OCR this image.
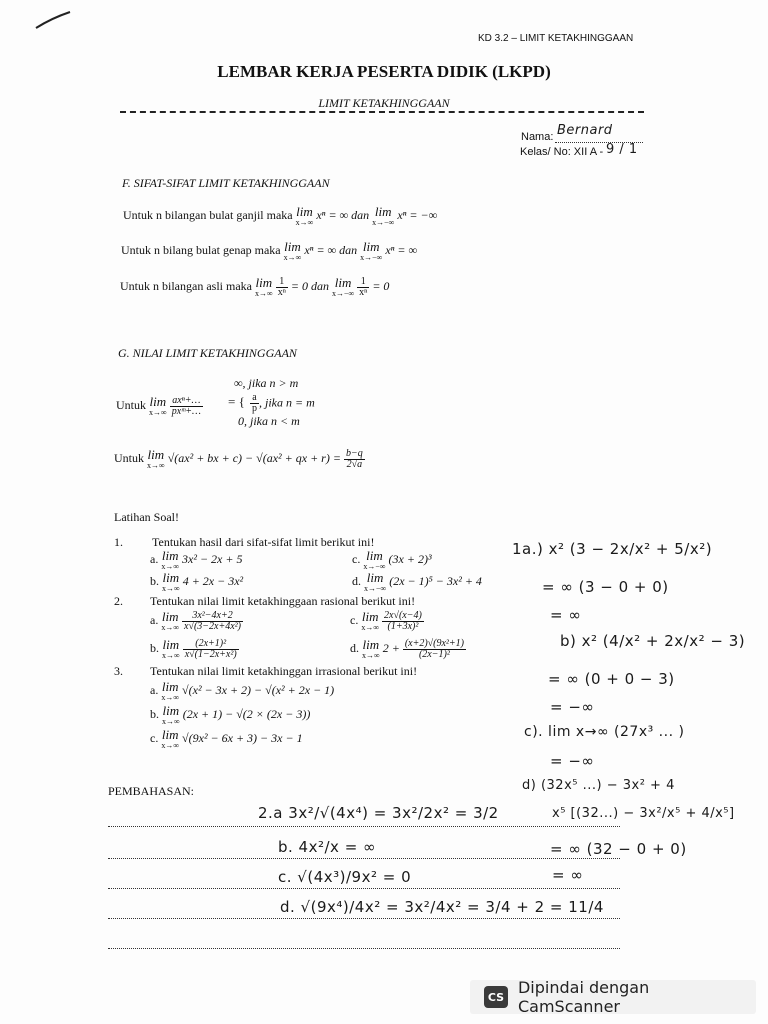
KD 3.2 – LIMIT KETAKHINGGAAN
LEMBAR KERJA PESERTA DIDIK (LKPD)
LIMIT KETAKHINGGAAN
Nama: Bernard
Kelas/ No: XII A - 9 / 1
F. SIFAT-SIFAT LIMIT KETAKHINGGAAN
Untuk n bilangan bulat ganjil maka lim
x→∞
xⁿ = ∞ dan lim
x→−∞
xⁿ = −∞
Untuk n bilang bulat genap maka lim
x→∞
xⁿ = ∞ dan lim
x→−∞
xⁿ = ∞
Untuk n bilangan asli maka lim
x→∞
$\frac{1}{\text{xⁿ}} = 0$ dan lim
x→−∞
$\frac{1}{\text{xⁿ}} = 0$
G. NILAI LIMIT KETAKHINGGAAN
Untuk lim
x→∞
$\frac{\text{axⁿ+…}}{\text{pxᵐ+…}}$ = {
∞, jika n > m
$\frac{a}{p}$ , jika n = m
0, jika n < m
Untuk lim
x→∞
√(ax² + bx + c) − √(ax² + qx + $r) = \frac{b-q}{2√a}$
Latihan Soal!
1. Tentukan hasil dari sifat-sifat limit berikut ini!
a. lim
x→∞
3x² − 2x + 5	c. lim
x→−∞
(3x + 2)³
b. lim
x→∞
4 + 2x − 3x²	d. lim
x→−∞
(2x − 1)⁵ − 3x² + 4
2. Tentukan nilai limit ketakhinggaan rasional berikut ini!
a. lim
x→∞
$\frac{\text{3x²−4x+2}}{\text{x√(3−2x+4x²)}}$	c. lim
x→∞
$\frac{2x√(x-4)}{\text{(1+3x)²}}$
b. lim
x→∞
$\frac{\text{(2x+1)²}}{\text{x√(1−2x+x²)}}$	d. lim
x→∞
$2 + \frac{\text{(x+2)√(9x²+1)}}{\text{(2x−1)²}}$
3. Tentukan nilai limit ketakhinggan irrasional berikut ini!
a. lim
x→∞
√(x² − 3x + 2) − √(x² + 2x − 1)
b. lim
x→∞
(2x + 1) − √(2 × (2x − 3))
c. lim
x→∞
√(9x² − 6x + 3) − 3x − 1
1a.) x² (3 − 2x/x² + 5/x²)
= ∞ (3 − 0 + 0)
= ∞
b) x² (4/x² + 2x/x² − 3)
= ∞ (0 + 0 − 3)
= −∞
c). lim x→∞ (27x³ ... )
= −∞
d) (32x⁵ ...) − 3x² + 4
x⁵ [(32...) − 3x²/x⁵ + 4/x⁵]
= ∞ (32 − 0 + 0)
= ∞
PEMBAHASAN:
2.a 3x²/√(4x⁴) = 3x²/2x² = 3/2
b. 4x²/x = ∞
c. √(4x³)/9x² = 0
d. √(9x⁴)/4x² = 3x²/4x² = 3/4 + 2 = 11/4
CS Dipindai dengan CamScanner
